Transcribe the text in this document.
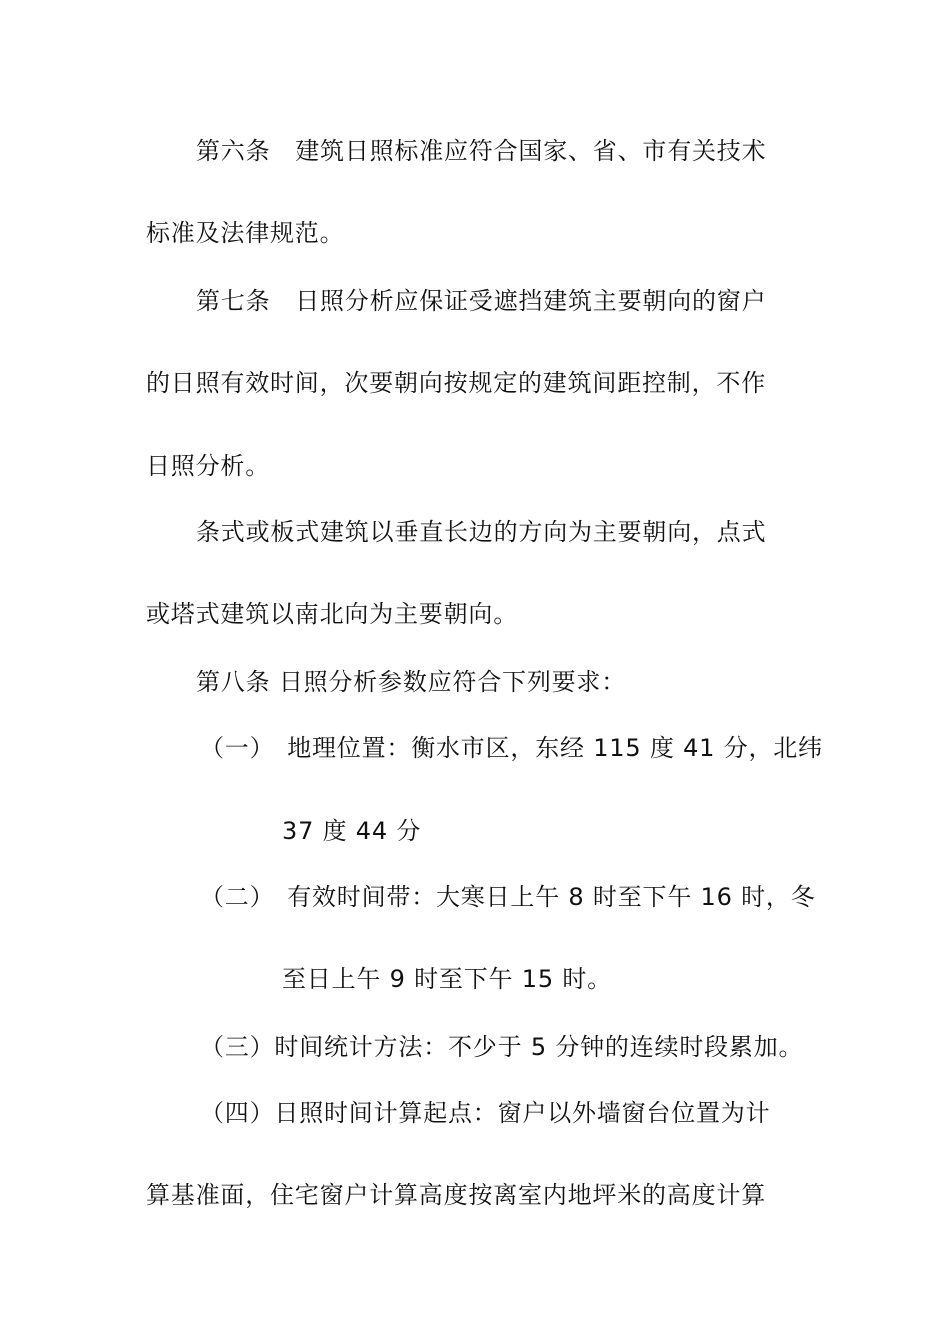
第六条　建筑日照标准应符合国家、省、市有关技术
标准及法律规范。
第七条　日照分析应保证受遮挡建筑主要朝向的窗户
的日照有效时间，次要朝向按规定的建筑间距控制，不作
日照分析。
条式或板式建筑以垂直长边的方向为主要朝向，点式
或塔式建筑以南北向为主要朝向。
第八条 日照分析参数应符合下列要求：
（一）　地理位置：衡水市区，东经 115 度 41 分，北纬
37 度 44 分
（二）　有效时间带：大寒日上午 8 时至下午 16 时，冬
至日上午 9 时至下午 15 时。
（三）时间统计方法：不少于 5 分钟的连续时段累加。
（四）日照时间计算起点：窗户以外墙窗台位置为计
算基准面，住宅窗户计算高度按离室内地坪米的高度计算
